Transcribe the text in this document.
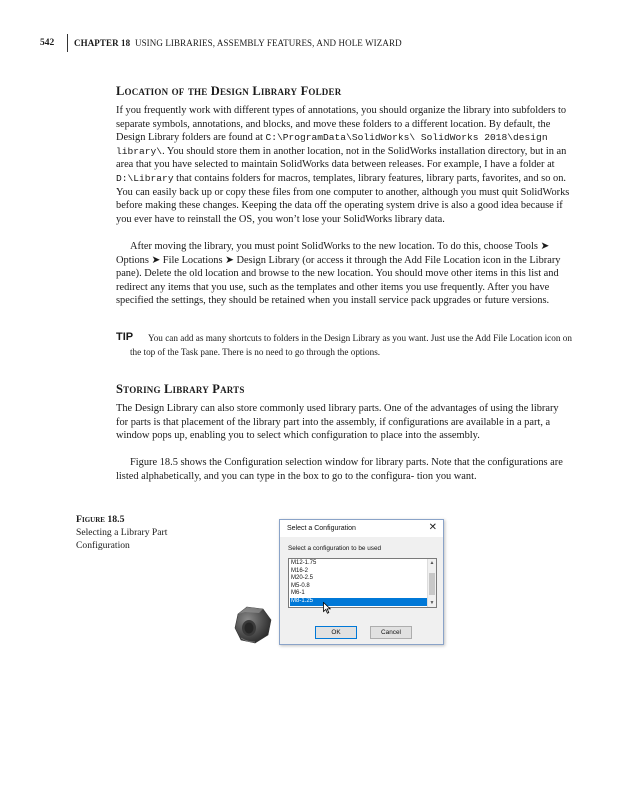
542 CHAPTER 18 USING LIBRARIES, ASSEMBLY FEATURES, AND HOLE WIZARD
Location of the Design Library Folder

If you frequently work with different types of annotations, you should organize the library into subfolders to separate symbols, annotations, and blocks, and move these folders to a different location. By default, the Design Library folders are found at C:\ProgramData\SolidWorks\ SolidWorks 2018\design library\. You should store them in another location, not in the SolidWorks installation directory, but in an area that you have selected to maintain SolidWorks data between releases. For example, I have a folder at D:\Library that contains folders for macros, templates, library features, library parts, favorites, and so on. You can easily back up or copy these files from one computer to another, although you must quit SolidWorks before making these changes. Keeping the data off the operating system drive is also a good idea because if you ever have to reinstall the OS, you won’t lose your SolidWorks library data.

After moving the library, you must point SolidWorks to the new location. To do this, choose Tools ➤ Options ➤ File Locations ➤ Design Library (or access it through the Add File Location icon in the Library pane). Delete the old location and browse to the new location. You should move other items in this list and redirect any items that you use, such as the templates and other items you use frequently. After you have specified the settings, they should be retained when you install service pack upgrades or future versions.

TIP	You can add as many shortcuts to folders in the Design Library as you want. Just use the Add File Location icon on the top of the Task pane. There is no need to go through the options.

Storing Library Parts

The Design Library can also store commonly used library parts. One of the advantages of using the library for parts is that placement of the library part into the assembly, if configurations are available in a part, a window pops up, enabling you to select which configuration to place into the assembly.

Figure 18.5 shows the Configuration selection window for library parts. Note that the configurations are listed alphabetically, and you can type in the box to go to the configura- tion you want.

Figure 18.5
Selecting a Library Part Configuration
Select a Configuration	✕
Select a configuration to be used
M12-1.75
M16-2
M20-2.5
M5-0.8
M6-1
M8-1.25
▲
▼
OK	Cancel
